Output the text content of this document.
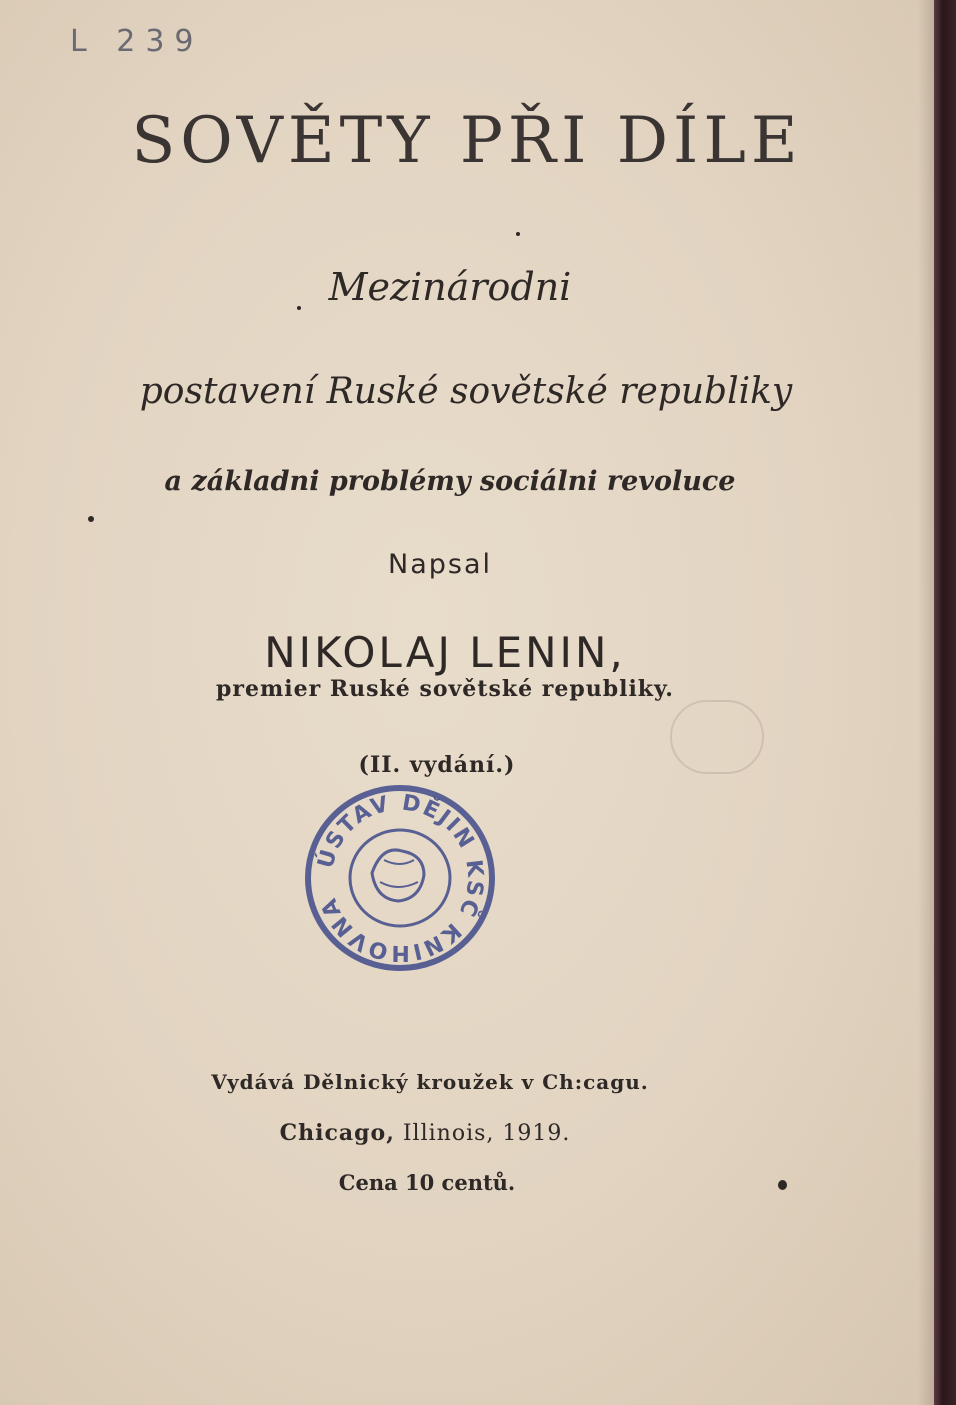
L 239
SOVĚTY PŘI DÍLE
Mezinárodni
postavení Ruské sovětské republiky
a základni problémy sociálni revoluce
Napsal
NIKOLAJ LENIN,
premier Ruské sovětské republiky.
(II. vydání.)
ÚSTAV DĚJIN KSČ KNIHOVNA
Vydává Dělnický kroužek v Ch:cagu.
Chicago, Illinois, 1919.
Cena 10 centů.
